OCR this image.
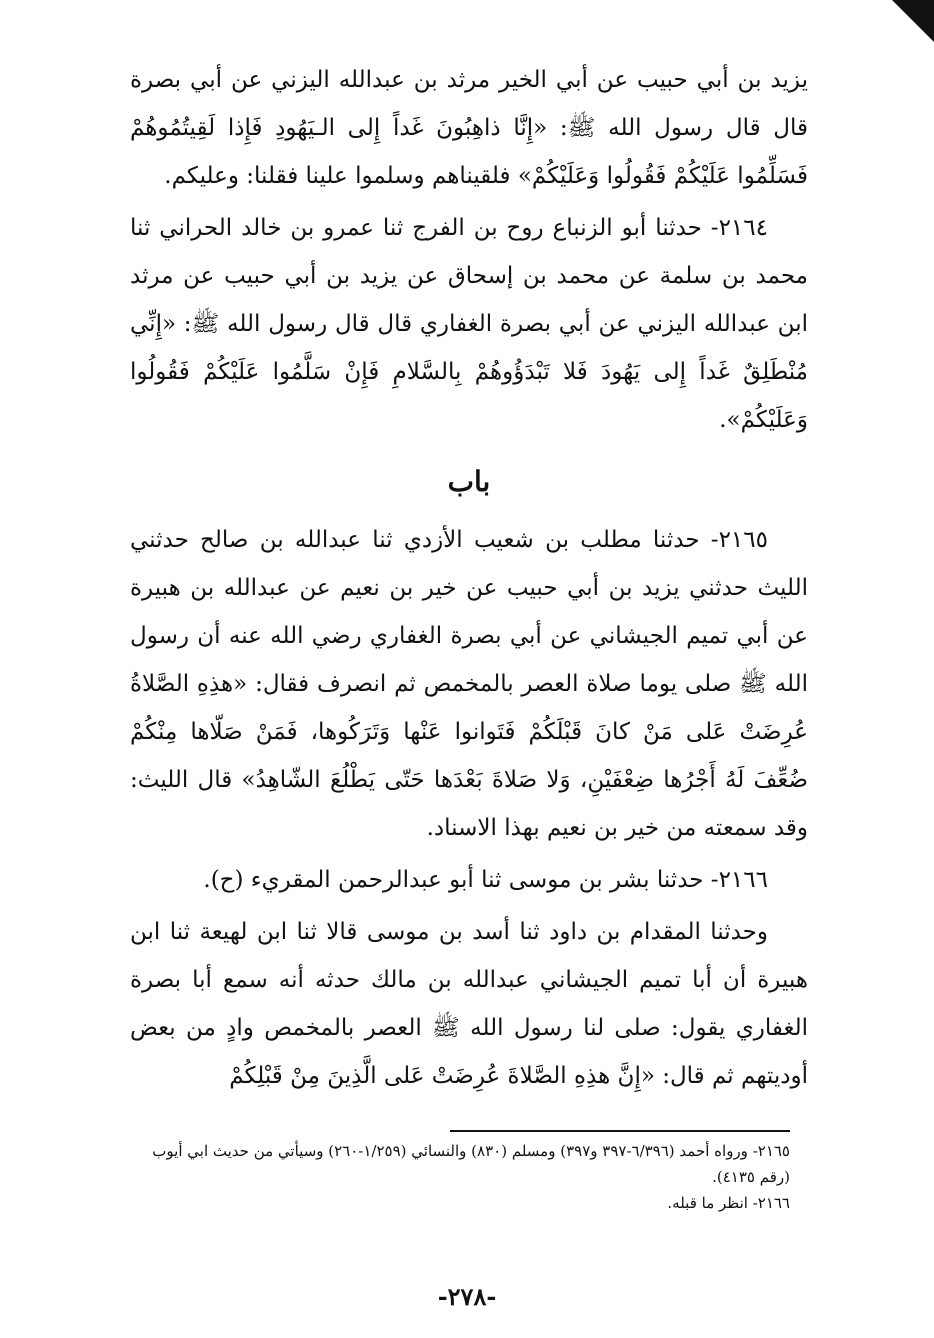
يزيد بن أبي حبيب عن أبي الخير مرثد بن عبدالله اليزني عن أبي بصرة قال قال رسول الله ﷺ: «إِنَّا ذاهِبُونَ غَداً إِلى الـيَهُودِ فَإِذا لَقِيتُمُوهُمْ فَسَلِّمُوا عَلَيْكُمْ فَقُولُوا وَعَلَيْكُمْ» فلقيناهم وسلموا علينا فقلنا: وعليكم.

٢١٦٤- حدثنا أبو الزنباع روح بن الفرج ثنا عمرو بن خالد الحراني ثنا محمد بن سلمة عن محمد بن إسحاق عن يزيد بن أبي حبيب عن مرثد ابن عبدالله اليزني عن أبي بصرة الغفاري قال قال رسول الله ﷺ: «إِنِّي مُنْطَلِقٌ غَداً إِلى يَهُودَ فَلا تَبْدَؤُوهُمْ بِالسَّلامِ فَإِنْ سَلَّمُوا عَلَيْكُمْ فَقُولُوا وَعَلَيْكُمْ».

باب

٢١٦٥- حدثنا مطلب بن شعيب الأزدي ثنا عبدالله بن صالح حدثني الليث حدثني يزيد بن أبي حبيب عن خير بن نعيم عن عبدالله بن هبيرة عن أبي تميم الجيشاني عن أبي بصرة الغفاري رضي الله عنه أن رسول الله ﷺ صلى يوما صلاة العصر بالمخمص ثم انصرف فقال: «هذِهِ الصَّلاةُ عُرِضَتْ عَلى مَنْ كانَ قَبْلَكُمْ فَتَوانوا عَنْها وَتَرَكُوها، فَمَنْ صَلّاها مِنْكُمْ ضُعِّفَ لَهُ أَجْرُها ضِعْفَيْنِ، وَلا صَلاةَ بَعْدَها حَتّى يَطْلُعَ الشّاهِدُ» قال الليث: وقد سمعته من خير بن نعيم بهذا الاسناد.

٢١٦٦- حدثنا بشر بن موسى ثنا أبو عبدالرحمن المقريء (ح).

وحدثنا المقدام بن داود ثنا أسد بن موسى قالا ثنا ابن لهيعة ثنا ابن هبيرة أن أبا تميم الجيشاني عبدالله بن مالك حدثه أنه سمع أبا بصرة الغفاري يقول: صلى لنا رسول الله ﷺ العصر بالمخمص وادٍ من بعض أوديتهم ثم قال: «إِنَّ هذِهِ الصَّلاةَ عُرِضَتْ عَلى الَّذِينَ مِنْ قَبْلِكُمْ

٢١٦٥- ورواه أحمد (٦/٣٩٦-٣٩٧ و٣٩٧) ومسلم (٨٣٠) والنسائي (١/٢٥٩-٢٦٠) وسيأتي من حديث ابي أيوب (رقم ٤١٣٥).

٢١٦٦- انظر ما قبله.

-٢٧٨-
